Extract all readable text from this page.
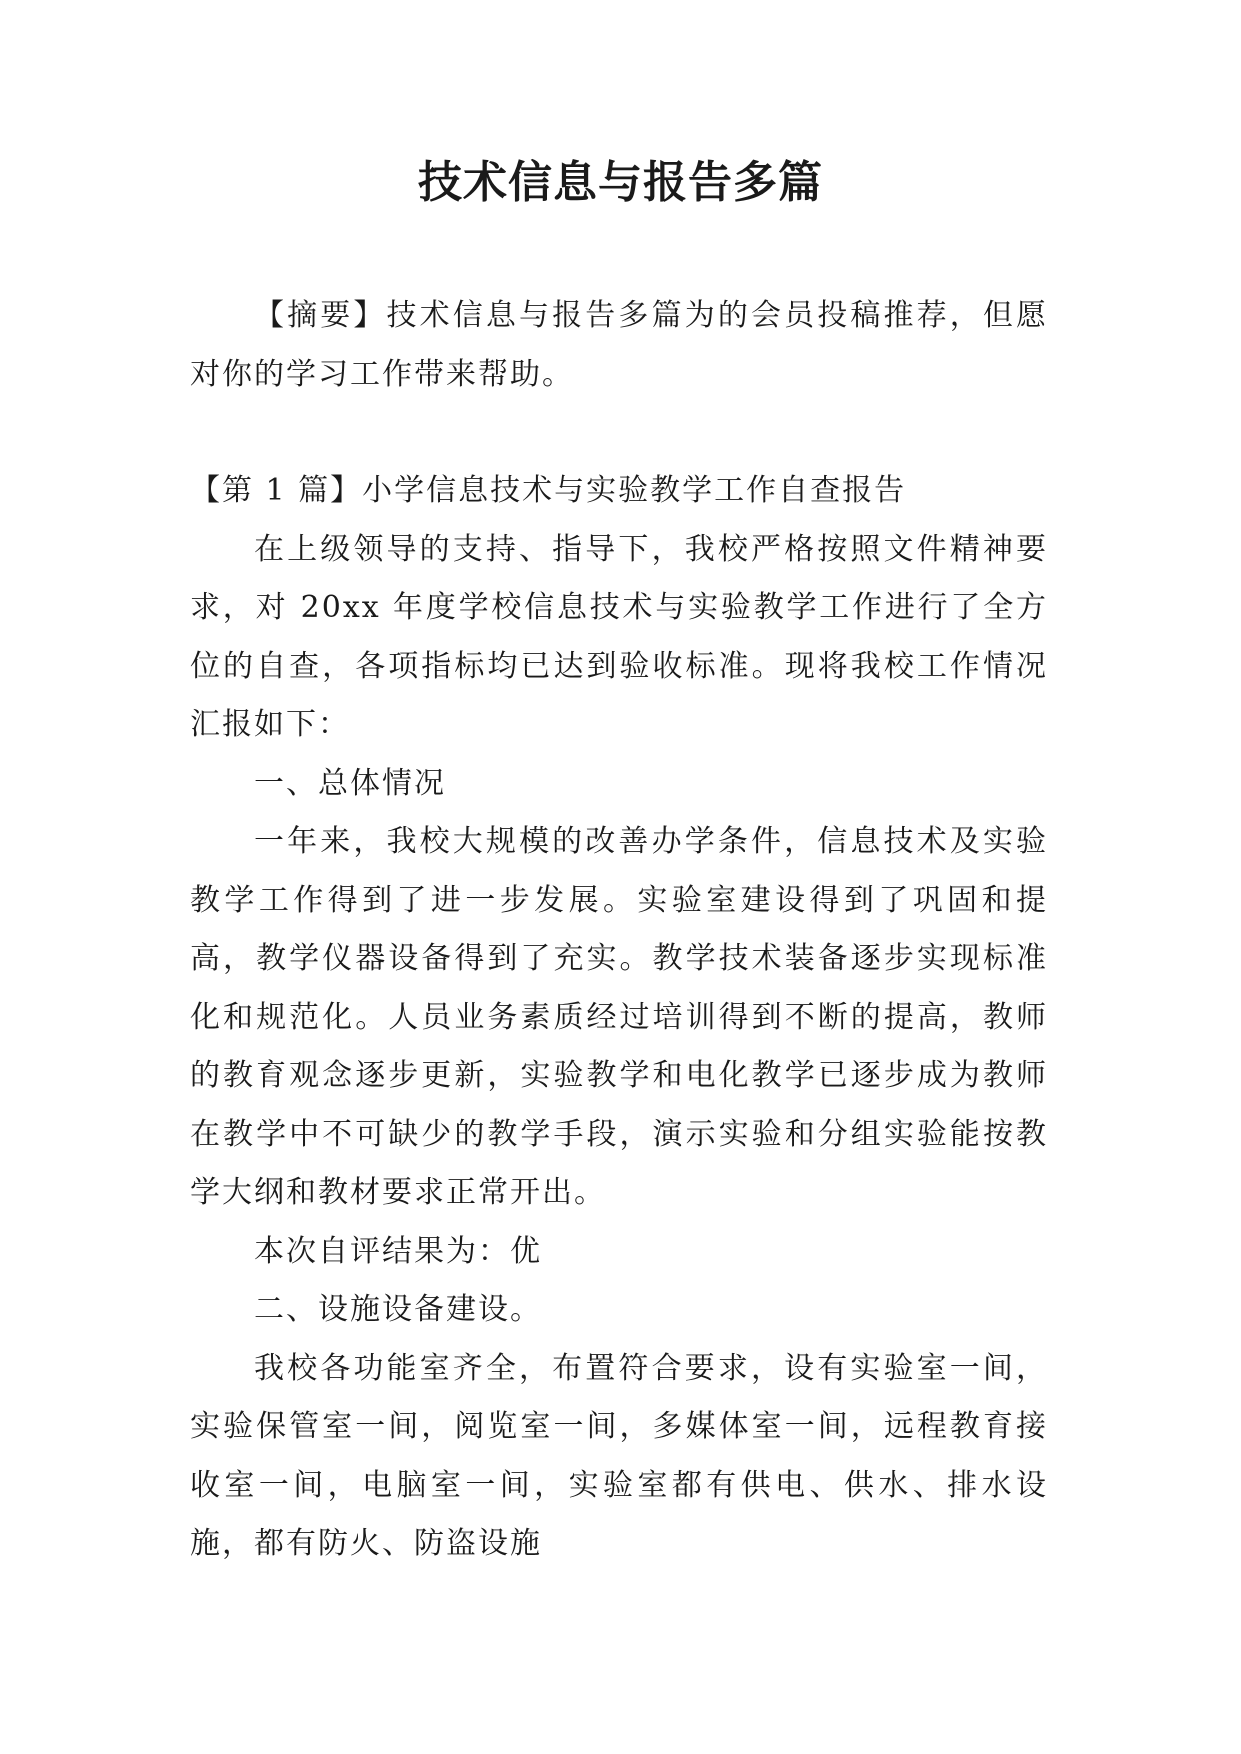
技术信息与报告多篇

【摘要】技术信息与报告多篇为的会员投稿推荐，但愿对你的学习工作带来帮助。

【第 1 篇】小学信息技术与实验教学工作自查报告

在上级领导的支持、指导下，我校严格按照文件精神要求，对 20xx 年度学校信息技术与实验教学工作进行了全方位的自查，各项指标均已达到验收标准。现将我校工作情况汇报如下：

一、总体情况

一年来，我校大规模的改善办学条件，信息技术及实验教学工作得到了进一步发展。实验室建设得到了巩固和提高，教学仪器设备得到了充实。教学技术装备逐步实现标准化和规范化。人员业务素质经过培训得到不断的提高，教师的教育观念逐步更新，实验教学和电化教学已逐步成为教师在教学中不可缺少的教学手段，演示实验和分组实验能按教学大纲和教材要求正常开出。

本次自评结果为：优

二、设施设备建设。

我校各功能室齐全，布置符合要求，设有实验室一间，实验保管室一间，阅览室一间，多媒体室一间，远程教育接收室一间，电脑室一间，实验室都有供电、供水、排水设施，都有防火、防盗设施
